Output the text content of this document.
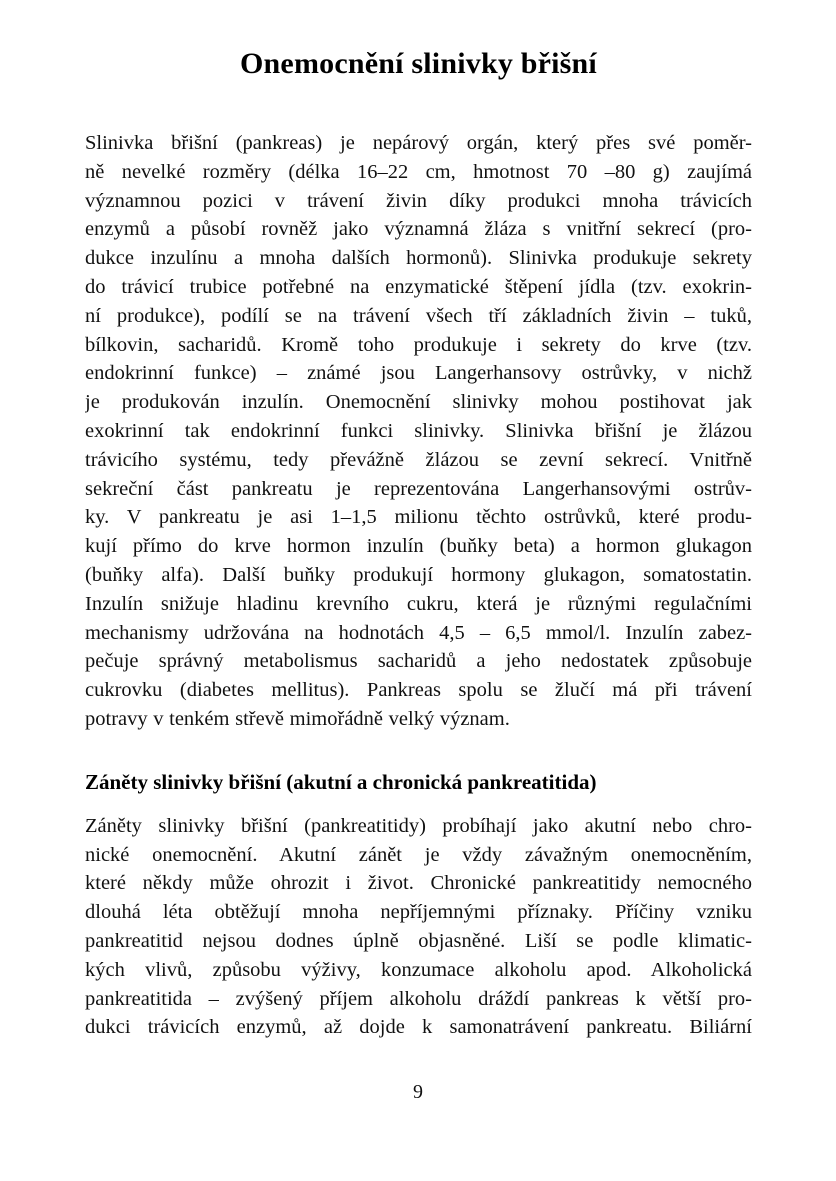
Onemocnění slinivky břišní
Slinivka břišní (pankreas) je nepárový orgán, který přes své poměr-
ně nevelké rozměry (délka 16–22 cm, hmotnost 70 –80 g) zaujímá
významnou pozici v trávení živin díky produkci mnoha trávicích
enzymů a působí rovněž jako významná žláza s vnitřní sekrecí (pro-
dukce inzulínu a mnoha dalších hormonů). Slinivka produkuje sekrety
do trávicí trubice potřebné na enzymatické štěpení jídla (tzv. exokrin-
ní produkce), podílí se na trávení všech tří základních živin – tuků,
bílkovin, sacharidů. Kromě toho produkuje i sekrety do krve (tzv.
endokrinní funkce) – známé jsou Langerhansovy ostrůvky, v nichž
je produkován inzulín. Onemocnění slinivky mohou postihovat jak
exokrinní tak endokrinní funkci slinivky. Slinivka břišní je žlázou
trávicího systému, tedy převážně žlázou se zevní sekrecí. Vnitřně
sekreční část pankreatu je reprezentována Langerhansovými ostrův-
ky. V pankreatu je asi 1–1,5 milionu těchto ostrůvků, které produ-
kují přímo do krve hormon inzulín (buňky beta) a hormon glukagon
(buňky alfa). Další buňky produkují hormony glukagon, somatostatin.
Inzulín snižuje hladinu krevního cukru, která je různými regulačními
mechanismy udržována na hodnotách 4,5 – 6,5 mmol/l. Inzulín zabez-
pečuje správný metabolismus sacharidů a jeho nedostatek způsobuje
cukrovku (diabetes mellitus). Pankreas spolu se žlučí má při trávení
potravy v tenkém střevě mimořádně velký význam.
Záněty slinivky břišní (akutní a chronická pankreatitida)
Záněty slinivky břišní (pankreatitidy) probíhají jako akutní nebo chro-
nické onemocnění. Akutní zánět je vždy závažným onemocněním,
které někdy může ohrozit i život. Chronické pankreatitidy nemocného
dlouhá léta obtěžují mnoha nepříjemnými příznaky. Příčiny vzniku
pankreatitid nejsou dodnes úplně objasněné. Liší se podle klimatic-
kých vlivů, způsobu výživy, konzumace alkoholu apod. Alkoholická
pankreatitida – zvýšený příjem alkoholu dráždí pankreas k větší pro-
dukci trávicích enzymů, až dojde k samonatrávení pankreatu. Biliární
9
